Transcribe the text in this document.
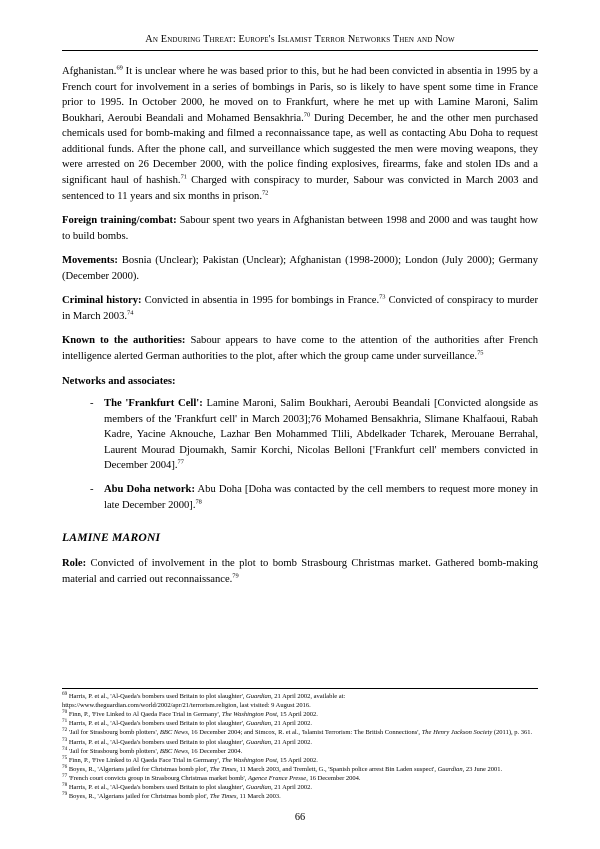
An Enduring Threat: Europe's Islamist Terror Networks Then and Now

Afghanistan.$^{69}$ It is unclear where he was based prior to this, but he had been convicted in absentia in 1995 by a French court for involvement in a series of bombings in Paris, so is likely to have spent some time in France prior to 1995. In October 2000, he moved on to Frankfurt, where he met up with Lamine Maroni, Salim Boukhari, Aeroubi Beandali and Mohamed Bensakhria.$^{70}$ During December, he and the other men purchased chemicals used for bomb-making and filmed a reconnaissance tape, as well as contacting Abu Doha to request additional funds. After the phone call, and surveillance which suggested the men were moving weapons, they were arrested on 26 December 2000, with the police finding explosives, firearms, fake and stolen IDs and a significant haul of hashish.$^{71}$ Charged with conspiracy to murder, Sabour was convicted in March 2003 and sentenced to 11 years and six months in prison.$^{72}$

Foreign training/combat: Sabour spent two years in Afghanistan between 1998 and 2000 and was taught how to build bombs.

Movements: Bosnia (Unclear); Pakistan (Unclear); Afghanistan (1998-2000); London (July 2000); Germany (December 2000).

Criminal history: Convicted in absentia in 1995 for bombings in France.$^{73}$ Convicted of conspiracy to murder in March 2003.74

Known to the authorities: Sabour appears to have come to the attention of the authorities after French intelligence alerted German authorities to the plot, after which the group came under surveillance.$^{75}$

Networks and associates:

- The 'Frankfurt Cell': Lamine Maroni, Salim Boukhari, Aeroubi Beandali [Convicted alongside as members of the 'Frankfurt cell' in March 2003];76 Mohamed Bensakhria, Slimane Khalfaoui, Rabah Kadre, Yacine Aknouche, Lazhar Ben Mohammed Tlili, Abdelkader Tcharek, Merouane Berrahal, Laurent Mourad Djoumakh, Samir Korchi, Nicolas Belloni ['Frankfurt cell' members convicted in December 2004].$^{77}$
- Abu Doha network: Abu Doha [Doha was contacted by the cell members to request more money in late December 2000].$^{78}$
LAMINE MARONI

Role: Convicted of involvement in the plot to bomb Strasbourg Christmas market. Gathered bomb-making material and carried out reconnaissance.$^{79}$

$^{69}$ Harris, P. et al., 'Al-Qaeda's bombers used Britain to plot slaughter', Guardian, 21 April 2002, available at:
https://www.theguardian.com/world/2002/apr/21/terrorism.religion, last visited: 9 August 2016.
$^{70}$ Finn, P., 'Five Linked to Al Qaeda Face Trial in Germany', The Washington Post, 15 April 2002.
$^{71}$ Harris, P. et al., 'Al-Qaeda's bombers used Britain to plot slaughter', Guardian, 21 April 2002.
$^{72}$ 'Jail for Strasbourg bomb plotters', BBC News, 16 December 2004; and Simcox, R. et al., 'Islamist Terrorism: The British Connections', The Henry Jackson Society (2011), p. 361.
$^{73}$ Harris, P. et al., 'Al-Qaeda's bombers used Britain to plot slaughter', Guardian, 21 April 2002.
$^{74}$ 'Jail for Strasbourg bomb plotters', BBC News, 16 December 2004.
$^{75}$ Finn, P., 'Five Linked to Al Qaeda Face Trial in Germany', The Washington Post, 15 April 2002.
$^{76}$ Boyes, R., 'Algerians jailed for Christmas bomb plot', The Times, 11 March 2003, and Tremlett, G., 'Spanish police arrest Bin Laden suspect', Guardian, 23 June 2001.
$^{77}$ 'French court convicts group in Strasbourg Christmas market bomb', Agence France Presse, 16 December 2004.
$^{78}$ Harris, P. et al., 'Al-Qaeda's bombers used Britain to plot slaughter', Guardian, 21 April 2002.
$^{79}$ Boyes, R., 'Algerians jailed for Christmas bomb plot', The Times, 11 March 2003.
66
